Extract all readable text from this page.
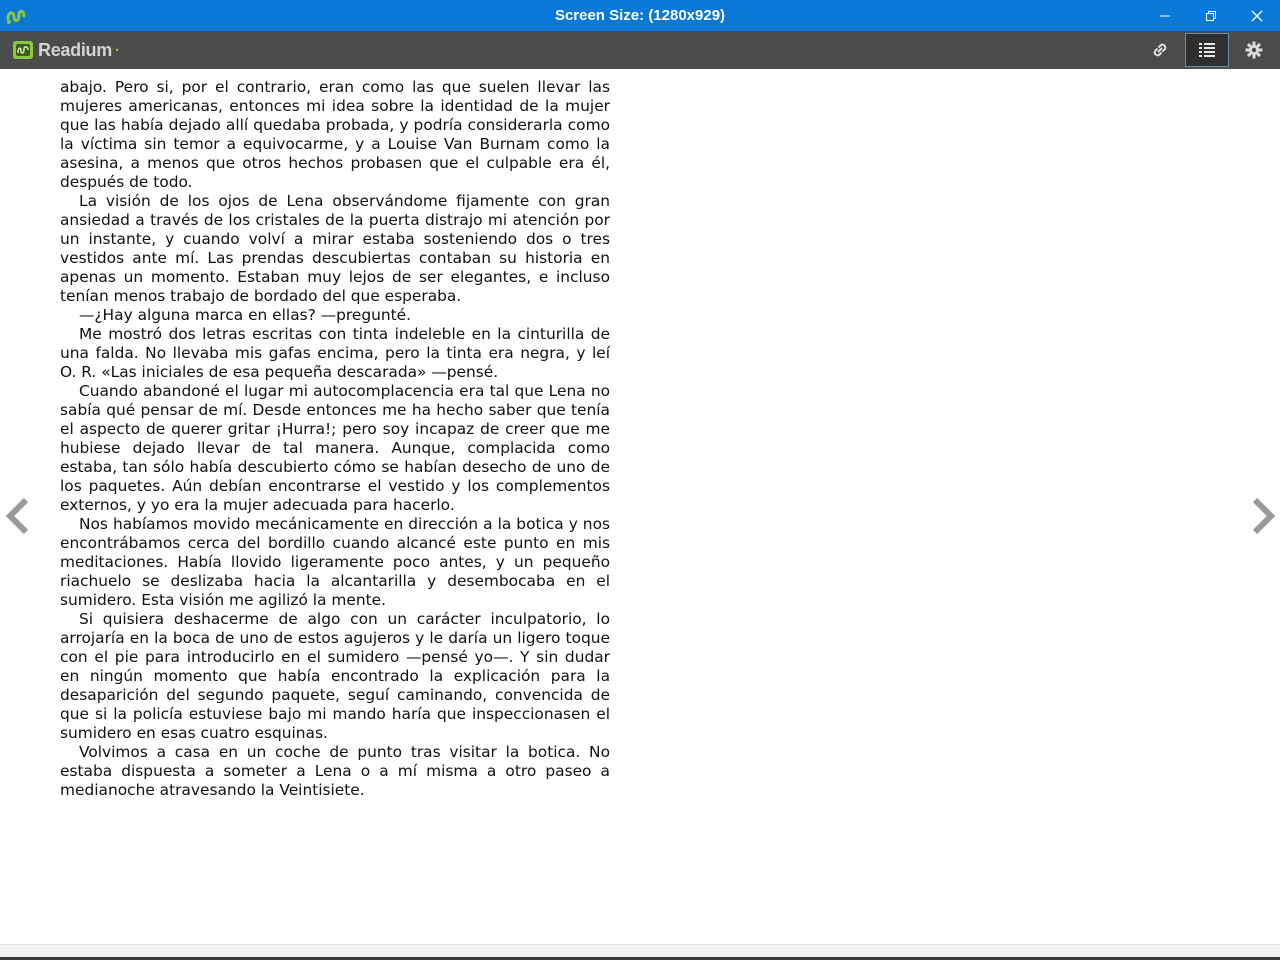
Screen Size: (1280x929)
Readium ·

abajo. Pero si, por el contrario, eran como las que suelen llevar las mujeres americanas, entonces mi idea sobre la identidad de la mujer que las había dejado allí quedaba probada, y podría considerarla como la víctima sin temor a equivocarme, y a Louise Van Burnam como la asesina, a menos que otros hechos probasen que el culpable era él, después de todo.

La visión de los ojos de Lena observándome fijamente con gran ansiedad a través de los cristales de la puerta distrajo mi atención por un instante, y cuando volví a mirar estaba sosteniendo dos o tres vestidos ante mí. Las prendas descubiertas contaban su historia en apenas un momento. Estaban muy lejos de ser elegantes, e incluso tenían menos trabajo de bordado del que esperaba.

—¿Hay alguna marca en ellas? —pregunté.

Me mostró dos letras escritas con tinta indeleble en la cinturilla de una falda. No llevaba mis gafas encima, pero la tinta era negra, y leí O. R. «Las iniciales de esa pequeña descarada» —pensé.

Cuando abandoné el lugar mi autocomplacencia era tal que Lena no sabía qué pensar de mí. Desde entonces me ha hecho saber que tenía el aspecto de querer gritar ¡Hurra!; pero soy incapaz de creer que me hubiese dejado llevar de tal manera. Aunque, complacida como estaba, tan sólo había descubierto cómo se habían desecho de uno de los paquetes. Aún debían encontrarse el vestido y los complementos externos, y yo era la mujer adecuada para hacerlo.

Nos habíamos movido mecánicamente en dirección a la botica y nos encontrábamos cerca del bordillo cuando alcancé este punto en mis meditaciones. Había llovido ligeramente poco antes, y un pequeño riachuelo se deslizaba hacia la alcantarilla y desembocaba en el sumidero. Esta visión me agilizó la mente.

Si quisiera deshacerme de algo con un carácter inculpatorio, lo arrojaría en la boca de uno de estos agujeros y le daría un ligero toque con el pie para introducirlo en el sumidero —pensé yo—. Y sin dudar en ningún momento que había encontrado la explicación para la desaparición del segundo paquete, seguí caminando, convencida de que si la policía estuviese bajo mi mando haría que inspeccionasen el sumidero en esas cuatro esquinas.

Volvimos a casa en un coche de punto tras visitar la botica. No estaba dispuesta a someter a Lena o a mí misma a otro paseo a medianoche atravesando la Veintisiete.
